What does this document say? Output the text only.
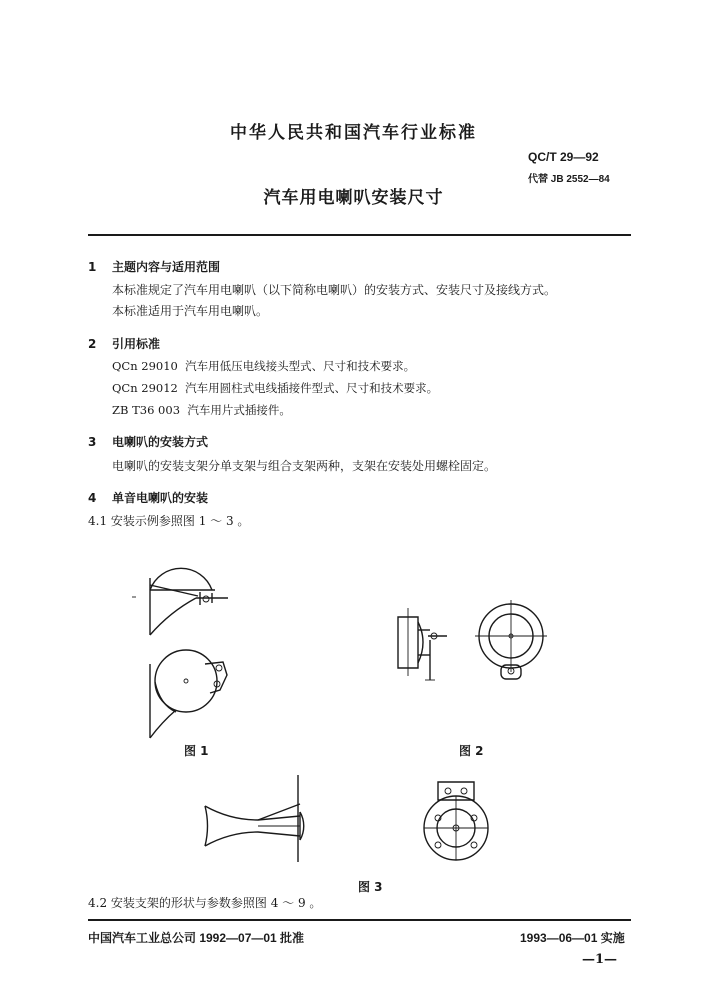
中华人民共和国汽车行业标准
QC/T 29—92
代替 JB 2552—84
汽车用电喇叭安装尺寸
1 主题内容与适用范围
本标准规定了汽车用电喇叭（以下简称电喇叭）的安装方式、安装尺寸及接线方式。
本标准适用于汽车用电喇叭。
2 引用标准
QCn 29010  汽车用低压电线接头型式、尺寸和技术要求。
QCn 29012  汽车用圆柱式电线插接件型式、尺寸和技术要求。
ZB T36 003  汽车用片式插接件。
3 电喇叭的安装方式
电喇叭的安装支架分单支架与组合支架两种，支架在安装处用螺栓固定。
4 单音电喇叭的安装
4.1 安装示例参照图 1 ～ 3 。
图 1	图 2
图 3
4.2 安装支架的形状与参数参照图 4 ～ 9 。
中国汽车工业总公司 1992—07—01 批准	1993—06—01 实施
—1—
